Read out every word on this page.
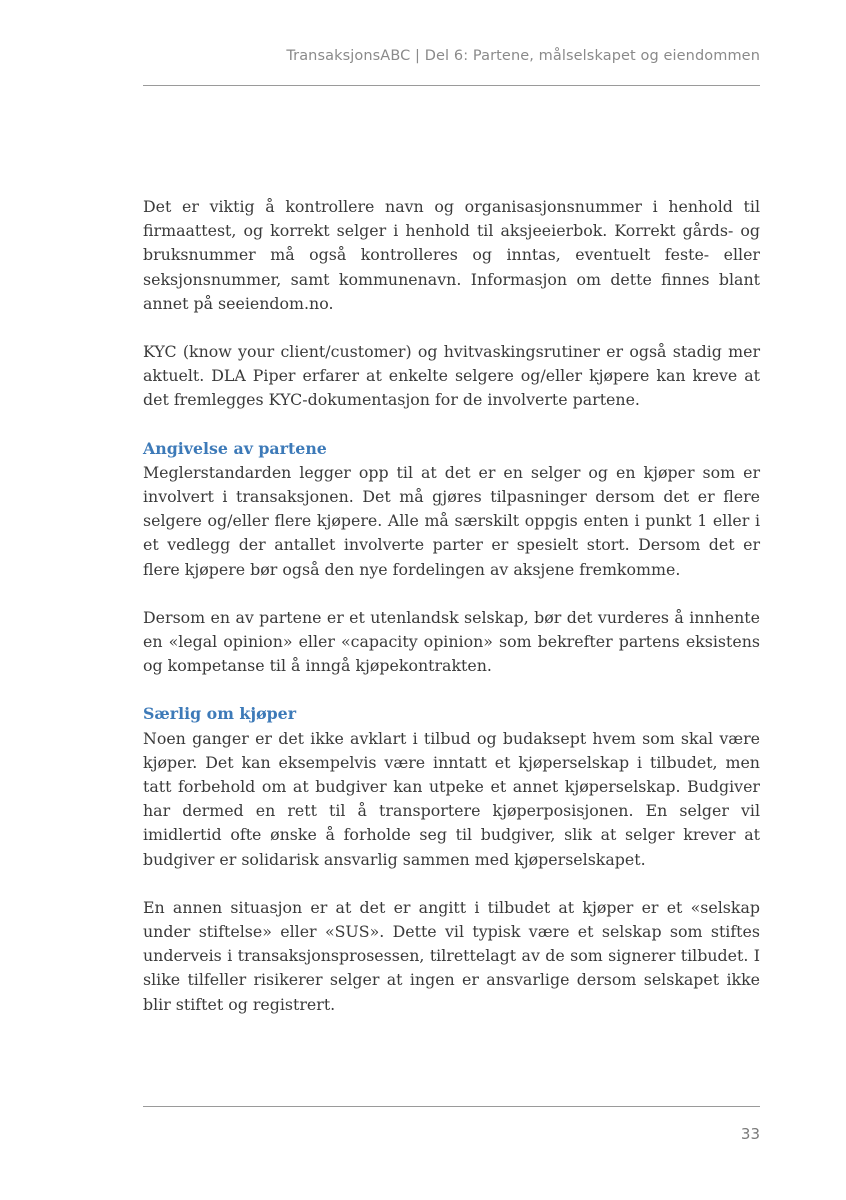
TransaksjonsABC | Del 6: Partene, målselskapet og eiendommen

Det er viktig å kontrollere navn og organisasjonsnummer i henhold til firmaattest, og korrekt selger i henhold til aksjeeierbok. Korrekt gårds- og bruksnummer må også kontrolleres og inntas, eventuelt feste- eller seksjonsnummer, samt kommunenavn. Informasjon om dette finnes blant annet på seeiendom.no.

KYC (know your client/customer) og hvitvaskingsrutiner er også stadig mer aktuelt. DLA Piper erfarer at enkelte selgere og/eller kjøpere kan kreve at det fremlegges KYC-dokumentasjon for de involverte partene.

Angivelse av partene

Meglerstandarden legger opp til at det er en selger og en kjøper som er involvert i transaksjonen. Det må gjøres tilpasninger dersom det er flere selgere og/eller flere kjøpere. Alle må særskilt oppgis enten i punkt 1 eller i et vedlegg der antallet involverte parter er spesielt stort. Dersom det er flere kjøpere bør også den nye fordelingen av aksjene fremkomme.

Dersom en av partene er et utenlandsk selskap, bør det vurderes å innhente en «legal opinion» eller «capacity opinion» som bekrefter partens eksistens og kompetanse til å inngå kjøpekontrakten.

Særlig om kjøper

Noen ganger er det ikke avklart i tilbud og budaksept hvem som skal være kjøper. Det kan eksempelvis være inntatt et kjøperselskap i tilbudet, men tatt forbehold om at budgiver kan utpeke et annet kjøperselskap. Budgiver har dermed en rett til å transportere kjøperposisjonen. En selger vil imidlertid ofte ønske å forholde seg til budgiver, slik at selger krever at budgiver er solidarisk ansvarlig sammen med kjøperselskapet.

En annen situasjon er at det er angitt i tilbudet at kjøper er et «selskap under stiftelse» eller «SUS». Dette vil typisk være et selskap som stiftes underveis i transaksjonsprosessen, tilrettelagt av de som signerer tilbudet. I slike tilfeller risikerer selger at ingen er ansvarlige dersom selskapet ikke blir stiftet og registrert.

33
